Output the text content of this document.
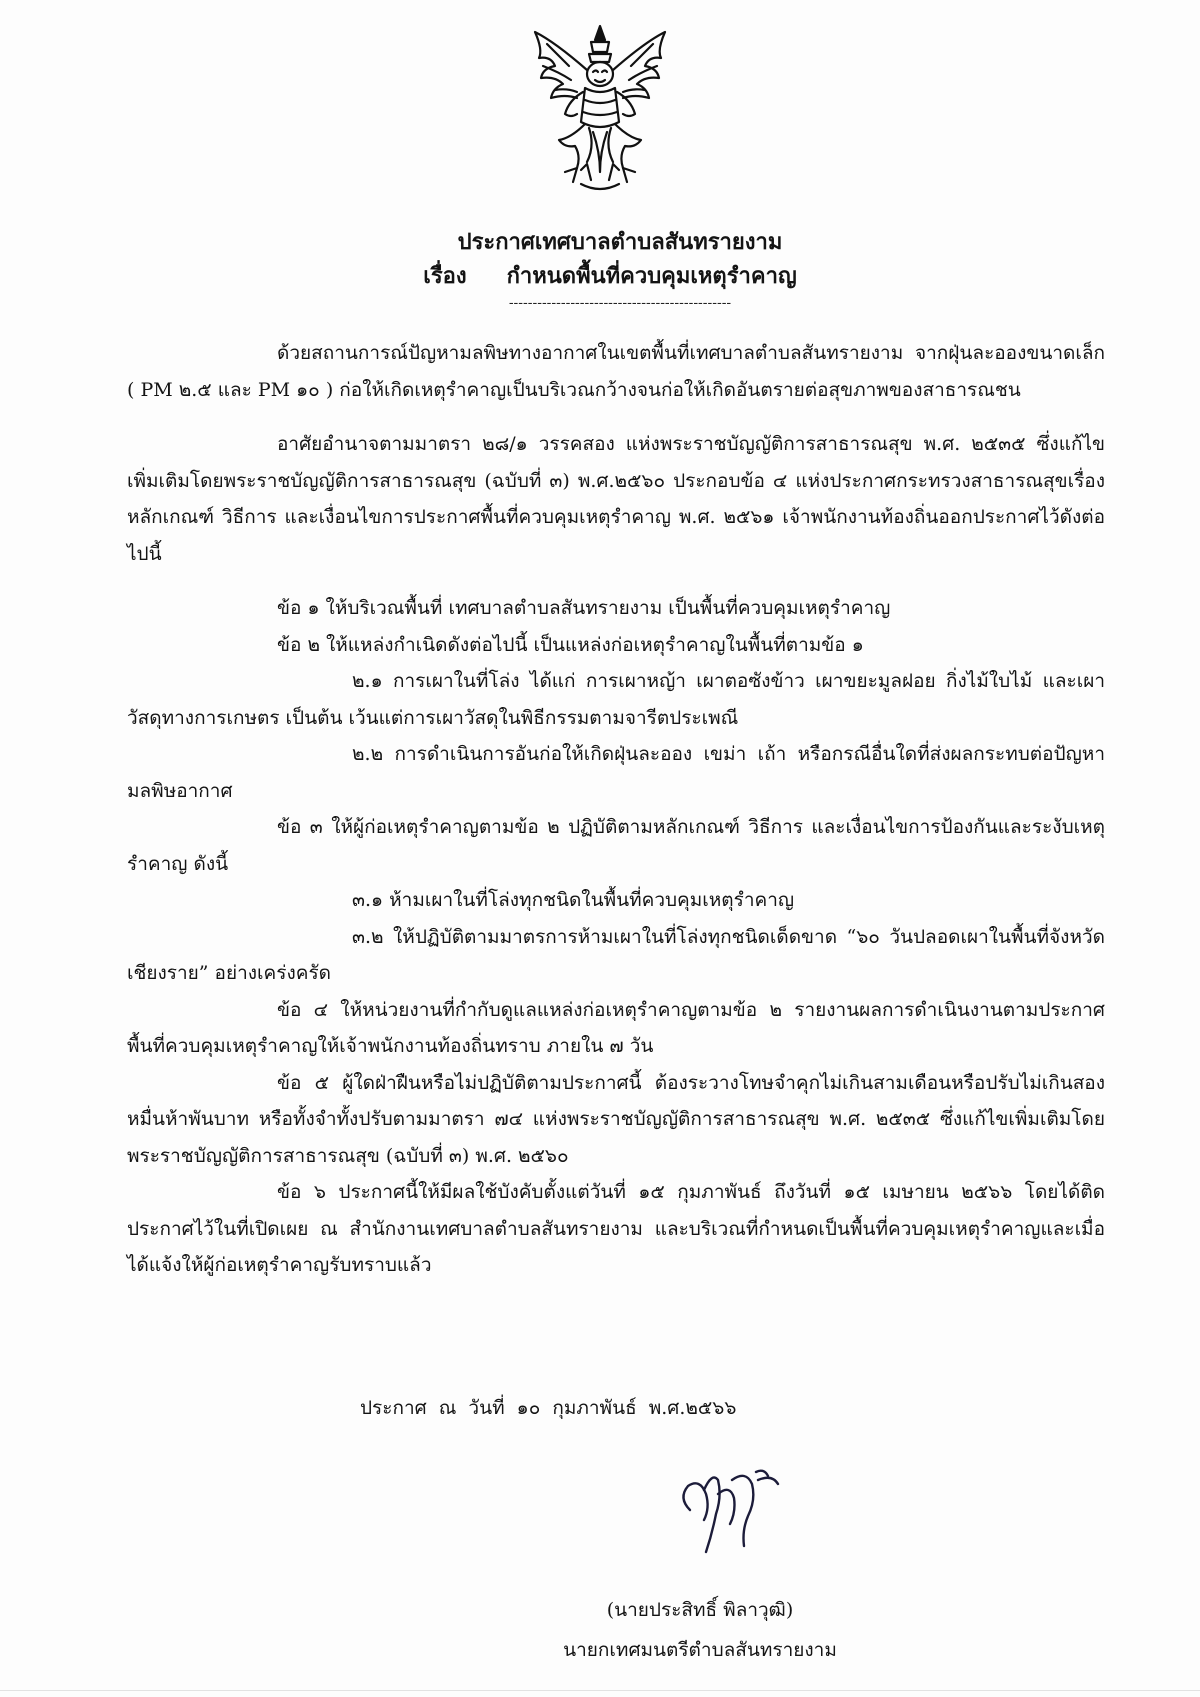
ประกาศเทศบาลตำบลสันทรายงาม
เรื่อง กำหนดพื้นที่ควบคุมเหตุรำคาญ
-----------------------------------------------

ด้วยสถานการณ์ปัญหามลพิษทางอากาศในเขตพื้นที่เทศบาลตำบลสันทรายงาม จากฝุ่นละอองขนาดเล็ก ( PM ๒.๕ และ PM ๑๐ ) ก่อให้เกิดเหตุรำคาญเป็นบริเวณกว้างจนก่อให้เกิดอันตรายต่อสุขภาพของสาธารณชน

อาศัยอำนาจตามมาตรา ๒๘/๑ วรรคสอง แห่งพระราชบัญญัติการสาธารณสุข พ.ศ. ๒๕๓๕ ซึ่งแก้ไขเพิ่มเติมโดยพระราชบัญญัติการสาธารณสุข (ฉบับที่ ๓) พ.ศ.๒๕๖๐ ประกอบข้อ ๔ แห่งประกาศกระทรวงสาธารณสุขเรื่อง หลักเกณฑ์ วิธีการ และเงื่อนไขการประกาศพื้นที่ควบคุมเหตุรำคาญ พ.ศ. ๒๕๖๑ เจ้าพนักงานท้องถิ่นออกประกาศไว้ดังต่อไปนี้

ข้อ ๑ ให้บริเวณพื้นที่ เทศบาลตำบลสันทรายงาม เป็นพื้นที่ควบคุมเหตุรำคาญ

ข้อ ๒ ให้แหล่งกำเนิดดังต่อไปนี้ เป็นแหล่งก่อเหตุรำคาญในพื้นที่ตามข้อ ๑

๒.๑ การเผาในที่โล่ง ได้แก่ การเผาหญ้า เผาตอซังข้าว เผาขยะมูลฝอย กิ่งไม้ใบไม้ และเผาวัสดุทางการเกษตร เป็นต้น เว้นแต่การเผาวัสดุในพิธีกรรมตามจารีตประเพณี

๒.๒ การดำเนินการอันก่อให้เกิดฝุ่นละออง เขม่า เถ้า หรือกรณีอื่นใดที่ส่งผลกระทบต่อปัญหามลพิษอากาศ

ข้อ ๓ ให้ผู้ก่อเหตุรำคาญตามข้อ ๒ ปฏิบัติตามหลักเกณฑ์ วิธีการ และเงื่อนไขการป้องกันและระงับเหตุรำคาญ ดังนี้

๓.๑ ห้ามเผาในที่โล่งทุกชนิดในพื้นที่ควบคุมเหตุรำคาญ

๓.๒ ให้ปฏิบัติตามมาตรการห้ามเผาในที่โล่งทุกชนิดเด็ดขาด “๖๐ วันปลอดเผาในพื้นที่จังหวัดเชียงราย” อย่างเคร่งครัด

ข้อ ๔ ให้หน่วยงานที่กำกับดูแลแหล่งก่อเหตุรำคาญตามข้อ ๒ รายงานผลการดำเนินงานตามประกาศพื้นที่ควบคุมเหตุรำคาญให้เจ้าพนักงานท้องถิ่นทราบ ภายใน ๗ วัน

ข้อ ๕ ผู้ใดฝ่าฝืนหรือไม่ปฏิบัติตามประกาศนี้ ต้องระวางโทษจำคุกไม่เกินสามเดือนหรือปรับไม่เกินสองหมื่นห้าพันบาท หรือทั้งจำทั้งปรับตามมาตรา ๗๔ แห่งพระราชบัญญัติการสาธารณสุข พ.ศ. ๒๕๓๕ ซึ่งแก้ไขเพิ่มเติมโดยพระราชบัญญัติการสาธารณสุข (ฉบับที่ ๓) พ.ศ. ๒๕๖๐

ข้อ ๖ ประกาศนี้ให้มีผลใช้บังคับตั้งแต่วันที่ ๑๕ กุมภาพันธ์ ถึงวันที่ ๑๕ เมษายน ๒๕๖๖ โดยได้ติดประกาศไว้ในที่เปิดเผย ณ สำนักงานเทศบาลตำบลสันทรายงาม และบริเวณที่กำหนดเป็นพื้นที่ควบคุมเหตุรำคาญและเมื่อได้แจ้งให้ผู้ก่อเหตุรำคาญรับทราบแล้ว

ประกาศ ณ วันที่ ๑๐ กุมภาพันธ์ พ.ศ.๒๕๖๖
(นายประสิทธิ์ พิลาวุฒิ)
นายกเทศมนตรีตำบลสันทรายงาม
